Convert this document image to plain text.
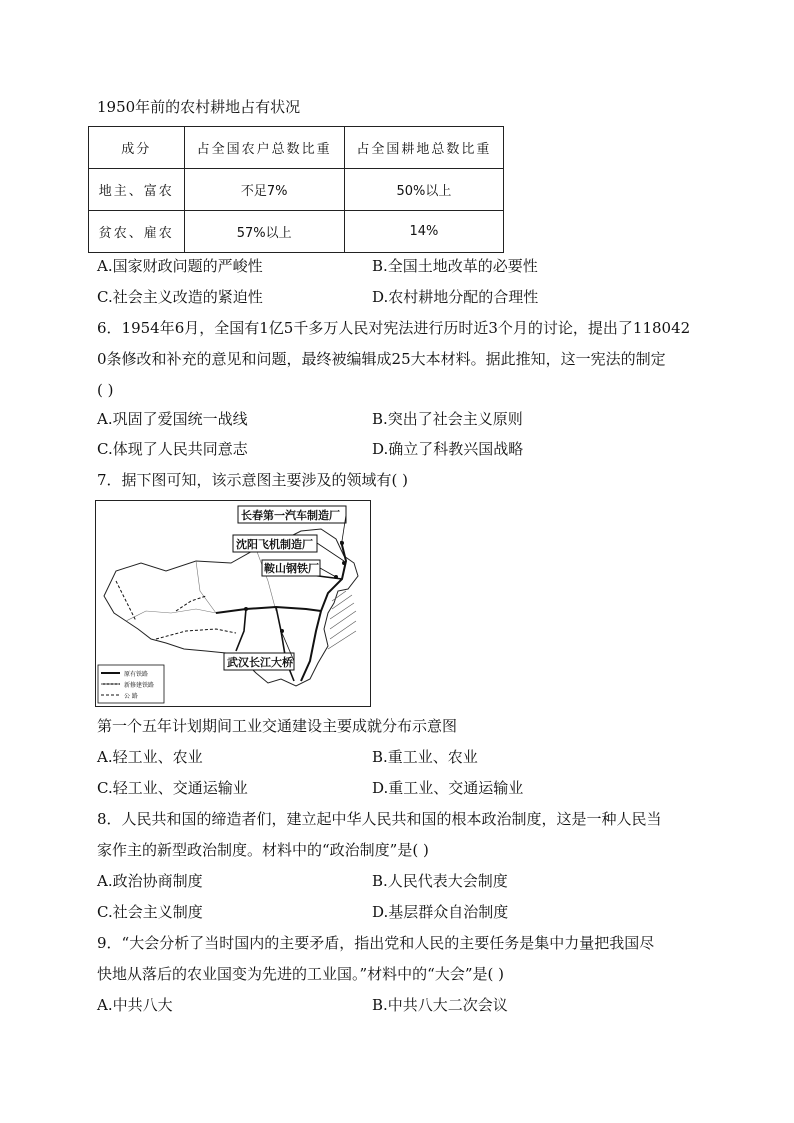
1950年前的农村耕地占有状况
成分	占全国农户总数比重	占全国耕地总数比重
地主、富农	不足7%	50%以上
贫农、雇农	57%以上	14%
A.国家财政问题的严峻性	B.全国土地改革的必要性
C.社会主义改造的紧迫性	D.农村耕地分配的合理性
6．1954年6月，全国有1亿5千多万人民对宪法进行历时近3个月的讨论，提出了118042
0条修改和补充的意见和问题，最终被编辑成25大本材料。据此推知，这一宪法的制定
( )
A.巩固了爱国统一战线	B.突出了社会主义原则
C.体现了人民共同意志	D.确立了科教兴国战略
7．据下图可知，该示意图主要涉及的领域有( )
长春第一汽车制造厂
沈阳飞机制造厂
鞍山钢铁厂
武汉长江大桥
原有铁路
新修建铁路
公 路
第一个五年计划期间工业交通建设主要成就分布示意图
A.轻工业、农业	B.重工业、农业
C.轻工业、交通运输业	D.重工业、交通运输业
8．人民共和国的缔造者们，建立起中华人民共和国的根本政治制度，这是一种人民当
家作主的新型政治制度。材料中的“政治制度”是( )
A.政治协商制度	B.人民代表大会制度
C.社会主义制度	D.基层群众自治制度
9．“大会分析了当时国内的主要矛盾，指出党和人民的主要任务是集中力量把我国尽
快地从落后的农业国变为先进的工业国。”材料中的“大会”是( )
A.中共八大	B.中共八大二次会议
